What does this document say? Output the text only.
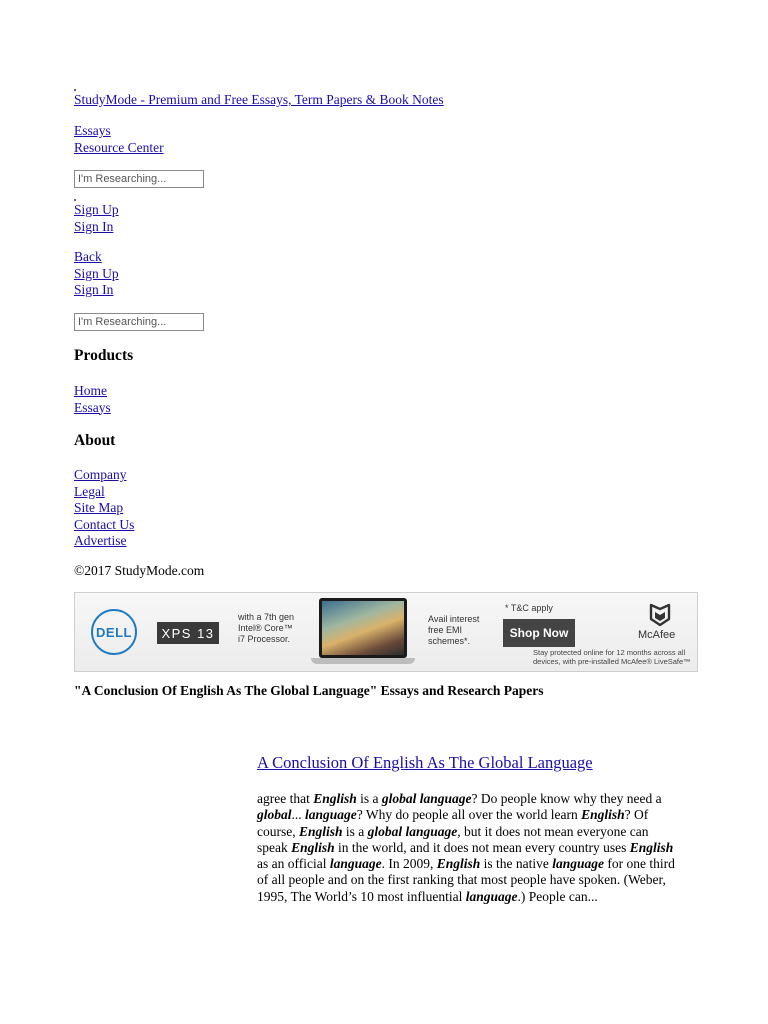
StudyMode - Premium and Free Essays, Term Papers & Book Notes
Essays
Resource Center
I'm Researching...
Sign Up
Sign In
Back
Sign Up
Sign In
I'm Researching...
Products
Home
Essays
About
Company
Legal
Site Map
Contact Us
Advertise
©2017 StudyMode.com
DELL	XPS 13
with a 7th gen
Intel® Core™
i7 Processor.
Avail interest
free EMI
schemes*.
* T&C apply
Shop Now	McAfee
Stay protected online for 12 months across all devices, with pre-installed McAfee® LiveSafe™
"A Conclusion Of English As The Global Language" Essays and Research Papers
A Conclusion Of English As The Global Language

agree that English is a global language? Do people know why they need a global... language? Why do people all over the world learn English? Of course, English is a global language, but it does not mean everyone can speak English in the world, and it does not mean every country uses English as an official language. In 2009, English is the native language for one third of all people and on the first ranking that most people have spoken. (Weber, 1995, The World’s 10 most influential language.) People can...
